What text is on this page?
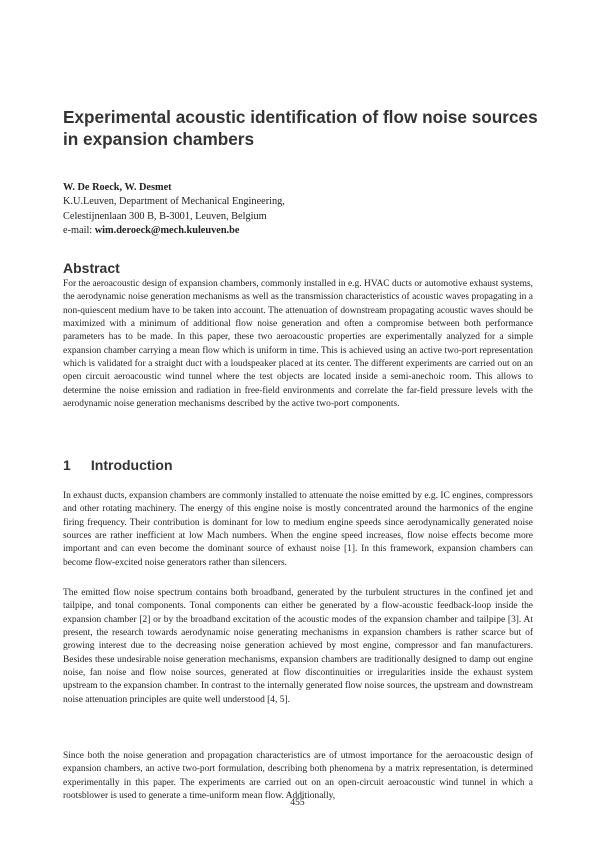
Experimental acoustic identification of flow noise sources in expansion chambers
W. De Roeck, W. Desmet
K.U.Leuven, Department of Mechanical Engineering,
Celestijnenlaan 300 B, B-3001, Leuven, Belgium
e-mail: wim.deroeck@mech.kuleuven.be
Abstract

For the aeroacoustic design of expansion chambers, commonly installed in e.g. HVAC ducts or automotive exhaust systems, the aerodynamic noise generation mechanisms as well as the transmission characteristics of acoustic waves propagating in a non-quiescent medium have to be taken into account. The attenuation of downstream propagating acoustic waves should be maximized with a minimum of additional flow noise generation and often a compromise between both performance parameters has to be made. In this paper, these two aeroacoustic properties are experimentally analyzed for a simple expansion chamber carrying a mean flow which is uniform in time. This is achieved using an active two-port representation which is validated for a straight duct with a loudspeaker placed at its center. The different experiments are carried out on an open circuit aeroacoustic wind tunnel where the test objects are located inside a semi-anechoic room. This allows to determine the noise emission and radiation in free-field environments and correlate the far-field pressure levels with the aerodynamic noise generation mechanisms described by the active two-port components.

1 Introduction

In exhaust ducts, expansion chambers are commonly installed to attenuate the noise emitted by e.g. IC engines, compressors and other rotating machinery. The energy of this engine noise is mostly concentrated around the harmonics of the engine firing frequency. Their contribution is dominant for low to medium engine speeds since aerodynamically generated noise sources are rather inefficient at low Mach numbers. When the engine speed increases, flow noise effects become more important and can even become the dominant source of exhaust noise [1]. In this framework, expansion chambers can become flow-excited noise generators rather than silencers.

The emitted flow noise spectrum contains both broadband, generated by the turbulent structures in the confined jet and tailpipe, and tonal components. Tonal components can either be generated by a flow-acoustic feedback-loop inside the expansion chamber [2] or by the broadband excitation of the acoustic modes of the expansion chamber and tailpipe [3]. At present, the research towards aerodynamic noise generating mechanisms in expansion chambers is rather scarce but of growing interest due to the decreasing noise generation achieved by most engine, compressor and fan manufacturers. Besides these undesirable noise generation mechanisms, expansion chambers are traditionally designed to damp out engine noise, fan noise and flow noise sources, generated at flow discontinuities or irregularities inside the exhaust system upstream to the expansion chamber. In contrast to the internally generated flow noise sources, the upstream and downstream noise attenuation principles are quite well understood [4, 5].

Since both the noise generation and propagation characteristics are of utmost importance for the aeroacoustic design of expansion chambers, an active two-port formulation, describing both phenomena by a matrix representation, is determined experimentally in this paper. The experiments are carried out on an open-circuit aeroacoustic wind tunnel in which a rootsblower is used to generate a time-uniform mean flow. Additionally,

455
